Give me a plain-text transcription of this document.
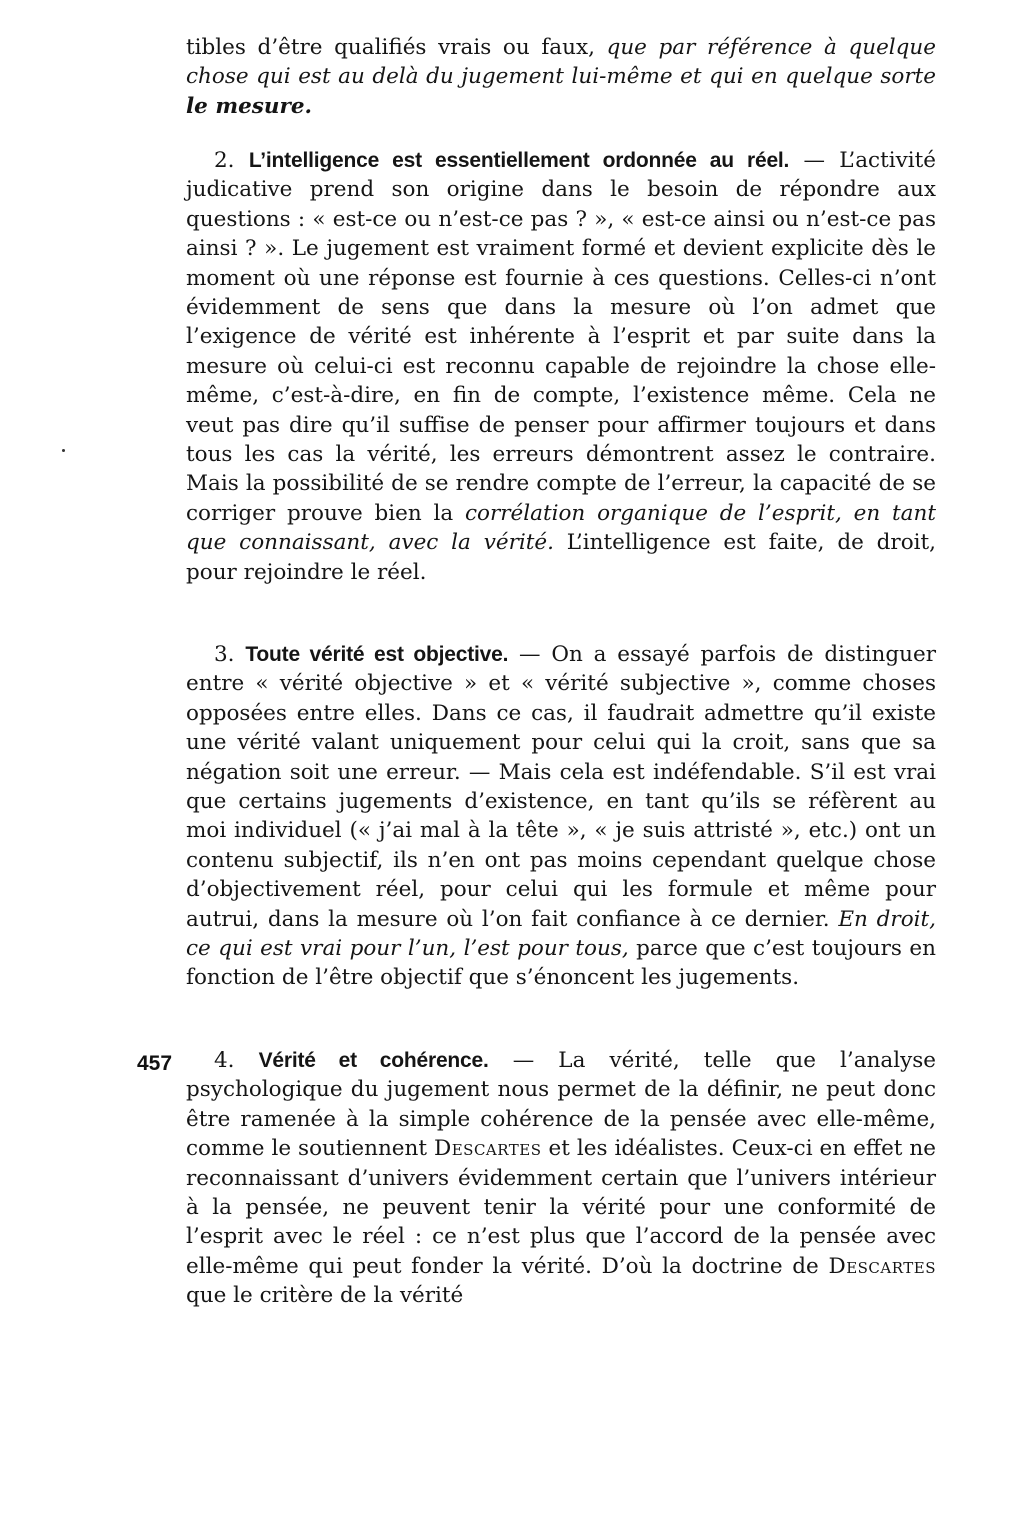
457

tibles d’être qualifiés vrais ou faux, que par référence à quelque chose qui est au delà du jugement lui-même et qui en quelque sorte le mesure.

2. L’intelligence est essentiellement ordonnée au réel. — L’activité judicative prend son origine dans le besoin de répondre aux questions : « est-ce ou n’est-ce pas ? », « est-ce ainsi ou n’est-ce pas ainsi ? ». Le jugement est vraiment formé et devient explicite dès le moment où une réponse est fournie à ces questions. Celles-ci n’ont évidemment de sens que dans la mesure où l’on admet que l’exigence de vérité est inhérente à l’esprit et par suite dans la mesure où celui-ci est reconnu capable de rejoindre la chose elle-même, c’est-à-dire, en fin de compte, l’existence même. Cela ne veut pas dire qu’il suffise de penser pour affirmer toujours et dans tous les cas la vérité, les erreurs démontrent assez le contraire. Mais la possibilité de se rendre compte de l’erreur, la capacité de se corriger prouve bien la corrélation organique de l’esprit, en tant que connaissant, avec la vérité. L’intelligence est faite, de droit, pour rejoindre le réel.

3. Toute vérité est objective. — On a essayé parfois de distinguer entre « vérité objective » et « vérité subjective », comme choses opposées entre elles. Dans ce cas, il faudrait admettre qu’il existe une vérité valant uniquement pour celui qui la croit, sans que sa négation soit une erreur. — Mais cela est indéfendable. S’il est vrai que certains jugements d’existence, en tant qu’ils se réfèrent au moi individuel (« j’ai mal à la tête », « je suis attristé », etc.) ont un contenu subjectif, ils n’en ont pas moins cependant quelque chose d’objectivement réel, pour celui qui les formule et même pour autrui, dans la mesure où l’on fait confiance à ce dernier. En droit, ce qui est vrai pour l’un, l’est pour tous, parce que c’est toujours en fonction de l’être objectif que s’énoncent les jugements.

4. Vérité et cohérence. — La vérité, telle que l’analyse psychologique du jugement nous permet de la définir, ne peut donc être ramenée à la simple cohérence de la pensée avec elle-même, comme le soutiennent Descartes et les idéalistes. Ceux-ci en effet ne reconnaissant d’univers évidemment certain que l’univers intérieur à la pensée, ne peuvent tenir la vérité pour une conformité de l’esprit avec le réel : ce n’est plus que l’accord de la pensée avec elle-même qui peut fonder la vérité. D’où la doctrine de Descartes que le critère de la vérité
